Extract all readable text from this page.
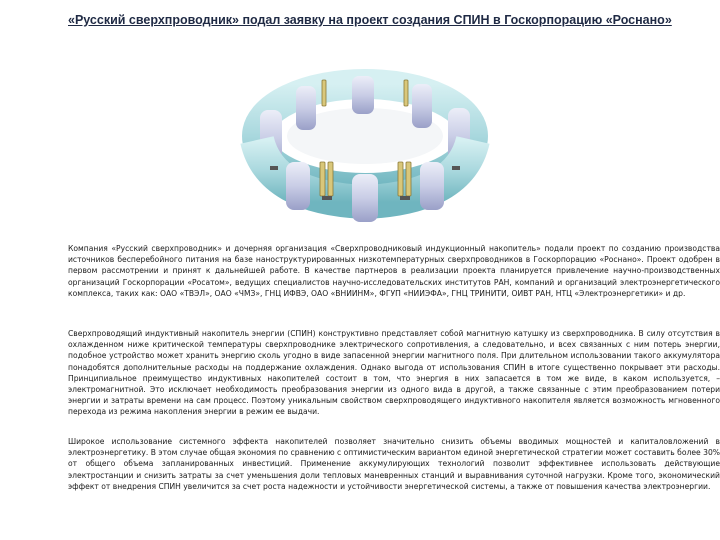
«Русский сверхпроводник» подал заявку на проект создания СПИН в Госкорпорацию «Роснано»
Компания «Русский сверхпроводник» и дочерняя организация «Сверхпроводниковый индукционный накопитель» подали проект по созданию производства источников бесперебойного питания на базе наноструктурированных низкотемпературных сверхпроводников в Госкорпорацию «Роснано». Проект одобрен в первом рассмотрении и принят к дальнейшей работе. В качестве партнеров в реализации проекта планируется привлечение научно-производственных организаций Госкорпорации «Росатом», ведущих специалистов научно-исследовательских институтов РАН, компаний и организаций электроэнергетического комплекса, таких как: ОАО «ТВЭЛ», ОАО «ЧМЗ», ГНЦ ИФВЭ, ОАО «ВНИИНМ», ФГУП «НИИЭФА», ГНЦ ТРИНИТИ, ОИВТ РАН, НТЦ «Электроэнергетики» и др.
Сверхпроводящий индуктивный накопитель энергии (СПИН) конструктивно представляет собой магнитную катушку из сверхпроводника. В силу отсутствия в охлажденном ниже критической температуры сверхпроводнике электрического сопротивления, а следовательно, и всех связанных с ним потерь энергии, подобное устройство может хранить энергию сколь угодно в виде запасенной энергии магнитного поля. При длительном использовании такого аккумулятора понадобятся дополнительные расходы на поддержание охлаждения. Однако выгода от использования СПИН в итоге существенно покрывает эти расходы. Принципиальное преимущество индуктивных накопителей состоит в том, что энергия в них запасается в том же виде, в каком используется, – электромагнитной. Это исключает необходимость преобразования энергии из одного вида в другой, а также связанные с этим преобразованием потери энергии и затраты времени на сам процесс. Поэтому уникальным свойством сверхпроводящего индуктивного накопителя является возможность мгновенного перехода из режима накопления энергии в режим ее выдачи.
Широкое использование системного эффекта накопителей позволяет значительно снизить объемы вводимых мощностей и капиталовложений в электроэнергетику. В этом случае общая экономия по сравнению с оптимистическим вариантом единой энергетической стратегии может составить более 30% от общего объема запланированных инвестиций. Применение аккумулирующих технологий позволит эффективнее использовать действующие электростанции и снизить затраты за счет уменьшения доли тепловых маневренных станций и выравнивания суточной нагрузки. Кроме того, экономический эффект от внедрения СПИН увеличится за счет роста надежности и устойчивости энергетической системы, а также от повышения качества электроэнергии.
